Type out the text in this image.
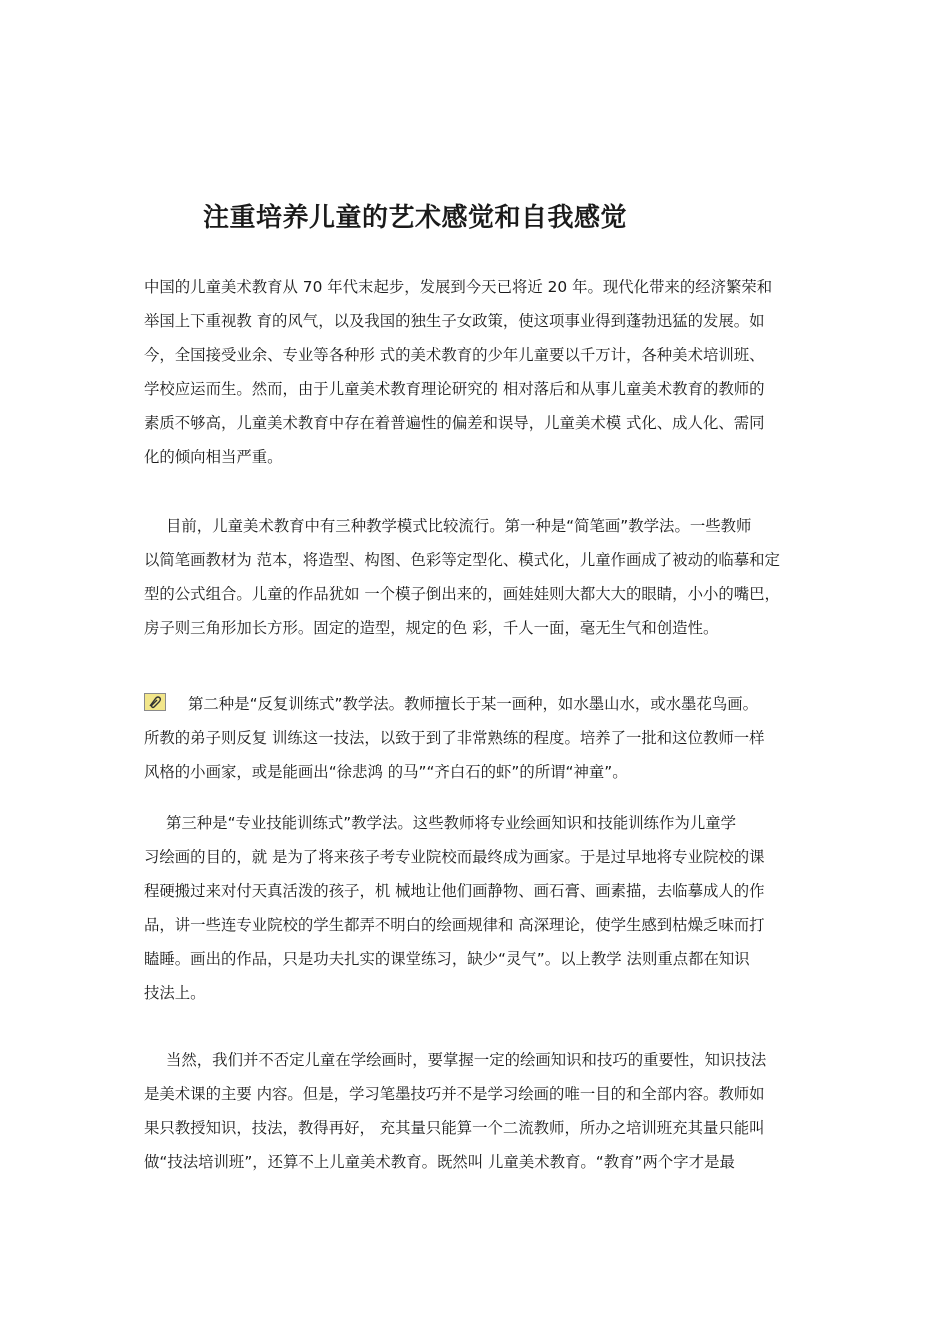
注重培养儿童的艺术感觉和自我感觉

中国的儿童美术教育从 70 年代末起步，发展到今天已将近 20 年。现代化带来的经济繁荣和
举国上下重视教 育的风气，以及我国的独生子女政策，使这项事业得到蓬勃迅猛的发展。如
今，全国接受业余、专业等各种形 式的美术教育的少年儿童要以千万计，各种美术培训班、
学校应运而生。然而，由于儿童美术教育理论研究的 相对落后和从事儿童美术教育的教师的
素质不够高，儿童美术教育中存在着普遍性的偏差和误导，儿童美术模 式化、成人化、需同
化的倾向相当严重。

目前，儿童美术教育中有三种教学模式比较流行。第一种是“简笔画”教学法。一些教师
以简笔画教材为 范本，将造型、构图、色彩等定型化、模式化，儿童作画成了被动的临摹和定
型的公式组合。儿童的作品犹如 一个模子倒出来的，画娃娃则大都大大的眼睛，小小的嘴巴，
房子则三角形加长方形。固定的造型，规定的色 彩，千人一面，毫无生气和创造性。

第二种是“反复训练式”教学法。教师擅长于某一画种，如水墨山水，或水墨花鸟画。
所教的弟子则反复 训练这一技法，以致于到了非常熟练的程度。培养了一批和这位教师一样
风格的小画家，或是能画出“徐悲鸿 的马”“齐白石的虾”的所谓“神童”。

第三种是“专业技能训练式”教学法。这些教师将专业绘画知识和技能训练作为儿童学
习绘画的目的，就 是为了将来孩子考专业院校而最终成为画家。于是过早地将专业院校的课
程硬搬过来对付天真活泼的孩子，机 械地让他们画静物、画石膏、画素描，去临摹成人的作
品，讲一些连专业院校的学生都弄不明白的绘画规律和 高深理论，使学生感到枯燥乏味而打
瞌睡。画出的作品，只是功夫扎实的课堂练习，缺少“灵气”。以上教学 法则重点都在知识
技法上。

当然，我们并不否定儿童在学绘画时，要掌握一定的绘画知识和技巧的重要性，知识技法
是美术课的主要 内容。但是，学习笔墨技巧并不是学习绘画的唯一目的和全部内容。教师如
果只教授知识，技法，教得再好， 充其量只能算一个二流教师，所办之培训班充其量只能叫
做“技法培训班”，还算不上儿童美术教育。既然叫 儿童美术教育。“教育”两个字才是最
